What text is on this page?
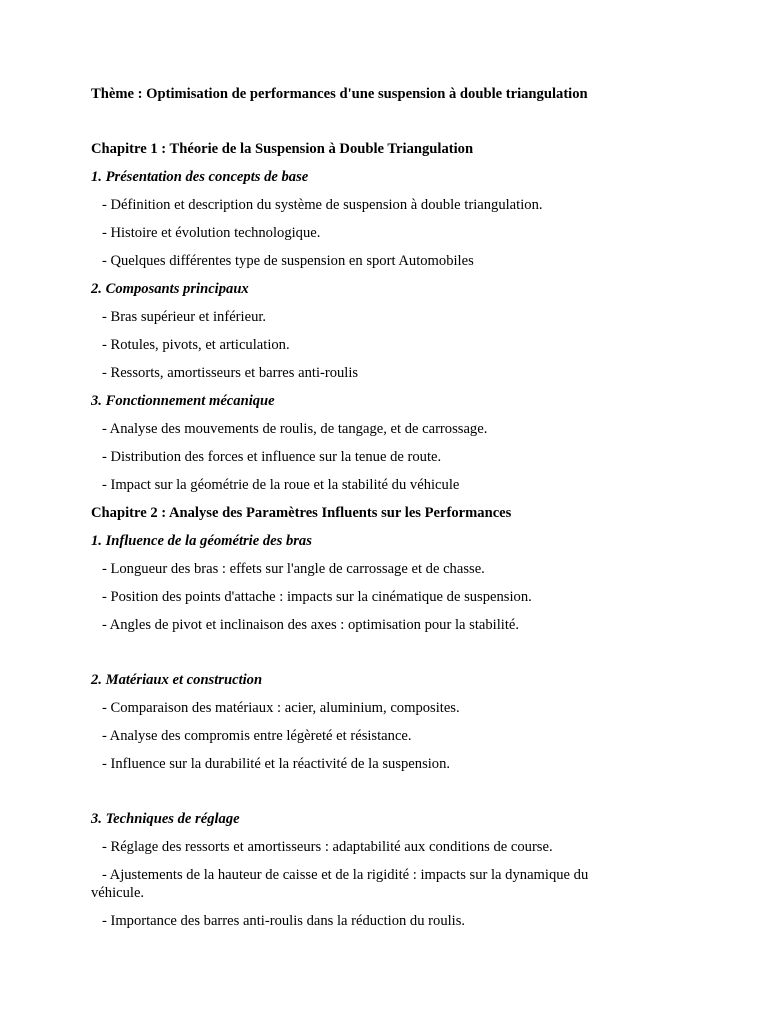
Thème : Optimisation de performances d'une suspension à double triangulation

Chapitre 1 : Théorie de la Suspension à Double Triangulation

1. Présentation des concepts de base

- Définition et description du système de suspension à double triangulation.

- Histoire et évolution technologique.

- Quelques différentes type de suspension en sport Automobiles

2. Composants principaux

- Bras supérieur et inférieur.

- Rotules, pivots, et articulation.

- Ressorts, amortisseurs et barres anti-roulis

3. Fonctionnement mécanique

- Analyse des mouvements de roulis, de tangage, et de carrossage.

- Distribution des forces et influence sur la tenue de route.

- Impact sur la géométrie de la roue et la stabilité du véhicule

Chapitre 2 : Analyse des Paramètres Influents sur les Performances

1. Influence de la géométrie des bras

- Longueur des bras : effets sur l'angle de carrossage et de chasse.

- Position des points d'attache : impacts sur la cinématique de suspension.

- Angles de pivot et inclinaison des axes : optimisation pour la stabilité.

2. Matériaux et construction

- Comparaison des matériaux : acier, aluminium, composites.

- Analyse des compromis entre légèreté et résistance.

- Influence sur la durabilité et la réactivité de la suspension.

3. Techniques de réglage

- Réglage des ressorts et amortisseurs : adaptabilité aux conditions de course.

- Ajustements de la hauteur de caisse et de la rigidité : impacts sur la dynamique du véhicule.

- Importance des barres anti-roulis dans la réduction du roulis.
